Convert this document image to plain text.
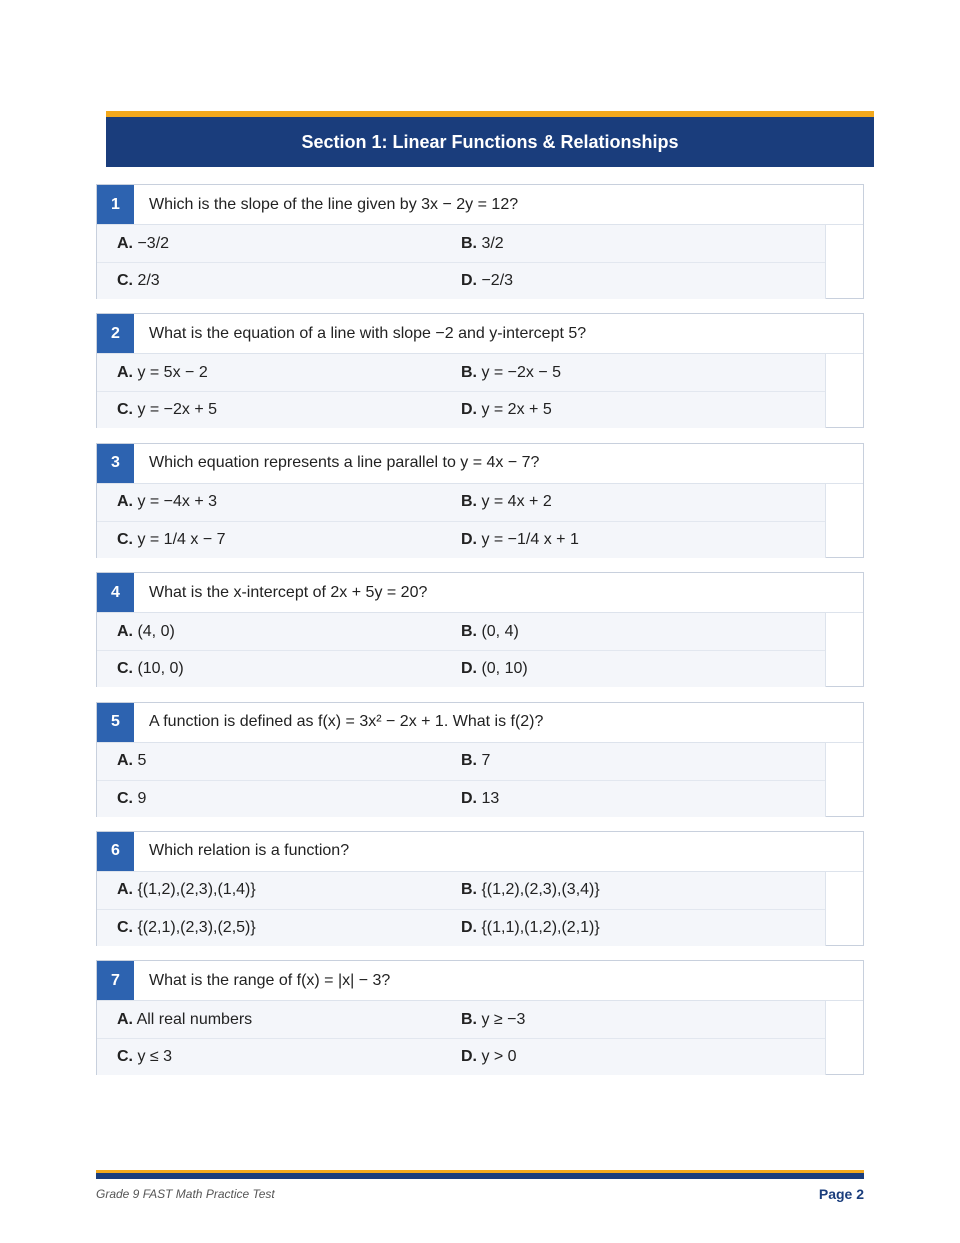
Section 1: Linear Functions & Relationships
1	Which is the slope of the line given by 3x − 2y = 12?
A. −3/2	B. 3/2
C. 2/3	D. −2/3
2	What is the equation of a line with slope −2 and y-intercept 5?
A. y = 5x − 2	B. y = −2x − 5
C. y = −2x + 5	D. y = 2x + 5
3	Which equation represents a line parallel to y = 4x − 7?
A. y = −4x + 3	B. y = 4x + 2
C. y = 1/4 x − 7	D. y = −1/4 x + 1
4	What is the x-intercept of 2x + 5y = 20?
A. (4, 0)	B. (0, 4)
C. (10, 0)	D. (0, 10)
5	A function is defined as f(x) = 3x² − 2x + 1. What is f(2)?
A. 5	B. 7
C. 9	D. 13
6	Which relation is a function?
A. {(1,2),(2,3),(1,4)}	B. {(1,2),(2,3),(3,4)}
C. {(2,1),(2,3),(2,5)}	D. {(1,1),(1,2),(2,1)}
7	What is the range of f(x) = |x| − 3?
A. All real numbers	B. y ≥ −3
C. y ≤ 3	D. y > 0
Grade 9 FAST Math Practice Test	Page 2
